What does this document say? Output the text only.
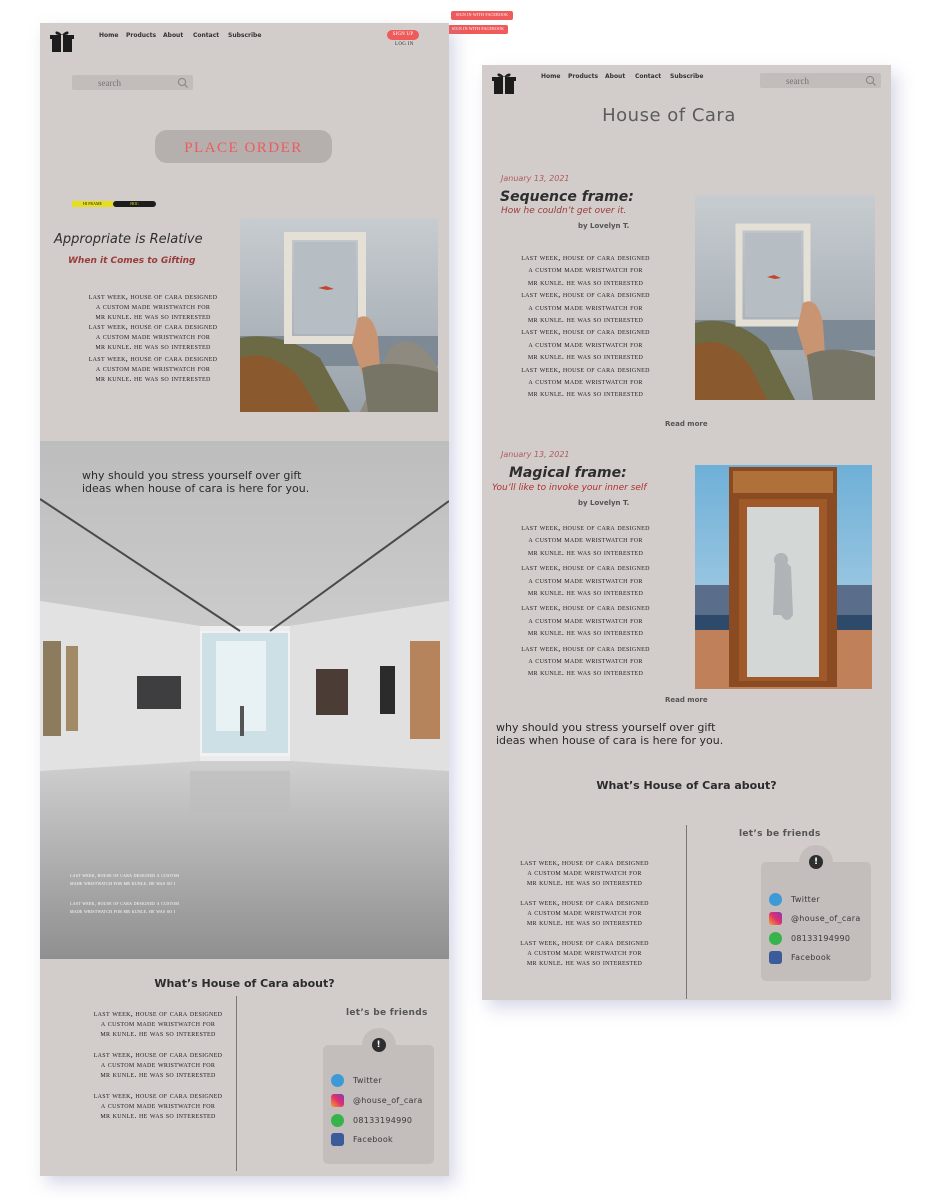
SIGN IN WITH FACEBOOK
SIGN IN WITH FACEBOOK
Home Products About Contact Subscribe	SIGN UP
LOG IN
search
PLACE ORDER
HI FRAME	HOC
Appropriate is Relative
When it Comes to Gifting
last week, house of cara designed
a custom made wristwatch for
mr kunle. he was so interested
last week, house of cara designed
a custom made wristwatch for
mr kunle. he was so interested
last week, house of cara designed
a custom made wristwatch for
mr kunle. he was so interested
why should you stress yourself over gift
ideas when house of cara is here for you.
last week, house of cara designed a custom
made wristwatch for mr kunle. he was so i
last week, house of cara designed a custom
made wristwatch for mr kunle. he was so i
What’s House of Cara about?
last week, house of cara designed
a custom made wristwatch for
mr kunle. he was so interested
last week, house of cara designed
a custom made wristwatch for
mr kunle. he was so interested
last week, house of cara designed
a custom made wristwatch for
mr kunle. he was so interested
let’s be friends
!
Twitter
@house_of_cara
08133194990
Facebook
Home Products About Contact Subscribe
search
House of Cara
January 13, 2021
Sequence frame:
How he couldn’t get over it.
by Lovelyn T.
last week, house of cara designed
a custom made wristwatch for
mr kunle. he was so interested
last week, house of cara designed
a custom made wristwatch for
mr kunle. he was so interested
last week, house of cara designed
a custom made wristwatch for
mr kunle. he was so interested
last week, house of cara designed
a custom made wristwatch for
mr kunle. he was so interested
Read more
January 13, 2021
Magical frame:
You’ll like to invoke your inner self
by Lovelyn T.
last week, house of cara designed
a custom made wristwatch for
mr kunle. he was so interested
last week, house of cara designed
a custom made wristwatch for
mr kunle. he was so interested
last week, house of cara designed
a custom made wristwatch for
mr kunle. he was so interested
last week, house of cara designed
a custom made wristwatch for
mr kunle. he was so interested
Read more
why should you stress yourself over gift
ideas when house of cara is here for you.
What’s House of Cara about?
last week, house of cara designed
a custom made wristwatch for
mr kunle. he was so interested
last week, house of cara designed
a custom made wristwatch for
mr kunle. he was so interested
last week, house of cara designed
a custom made wristwatch for
mr kunle. he was so interested
let’s be friends
!
Twitter
@house_of_cara
08133194990
Facebook
